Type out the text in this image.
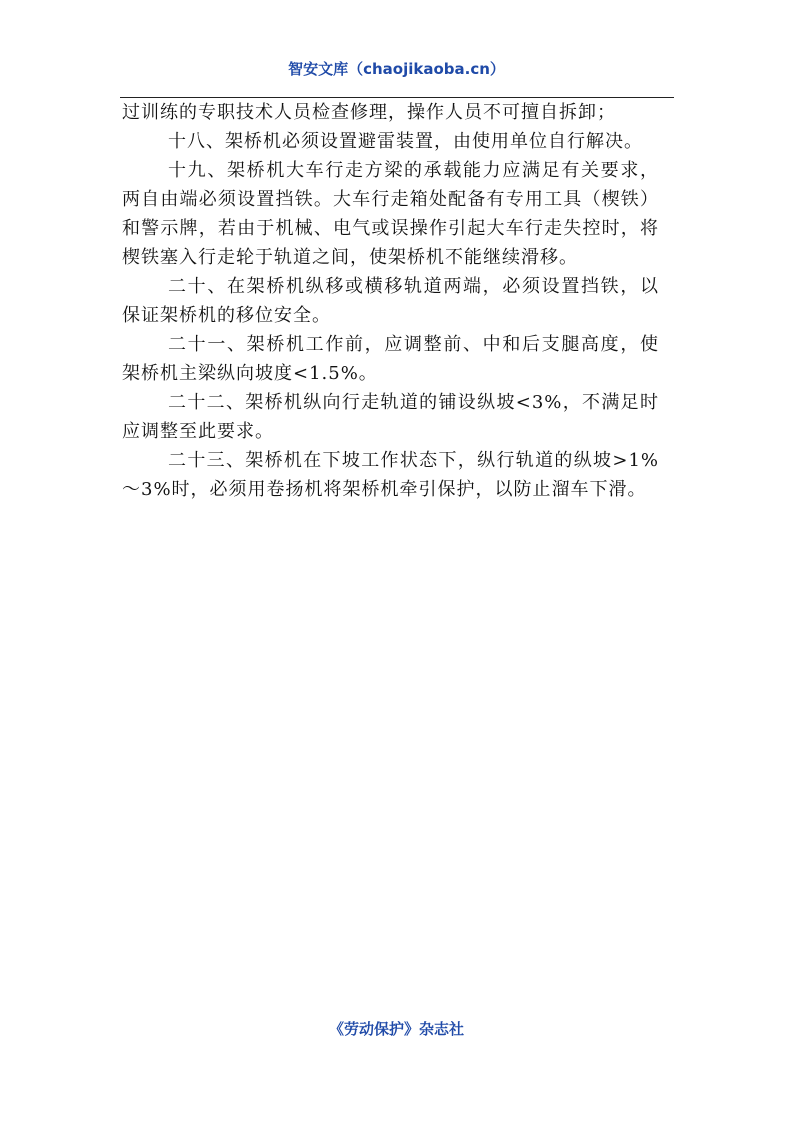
智安文库（chaojikaoba.cn）

过训练的专职技术人员检查修理，操作人员不可擅自拆卸；

十八、架桥机必须设置避雷装置，由使用单位自行解决。

十九、架桥机大车行走方梁的承载能力应满足有关要求，两自由端必须设置挡铁。大车行走箱处配备有专用工具（楔铁）和警示牌，若由于机械、电气或误操作引起大车行走失控时，将楔铁塞入行走轮于轨道之间，使架桥机不能继续滑移。

二十、在架桥机纵移或横移轨道两端，必须设置挡铁，以保证架桥机的移位安全。

二十一、架桥机工作前，应调整前、中和后支腿高度，使架桥机主梁纵向坡度<1.5%。

二十二、架桥机纵向行走轨道的铺设纵坡<3%，不满足时应调整至此要求。

二十三、架桥机在下坡工作状态下，纵行轨道的纵坡>1%～3%时，必须用卷扬机将架桥机牵引保护，以防止溜车下滑。

《劳动保护》杂志社
